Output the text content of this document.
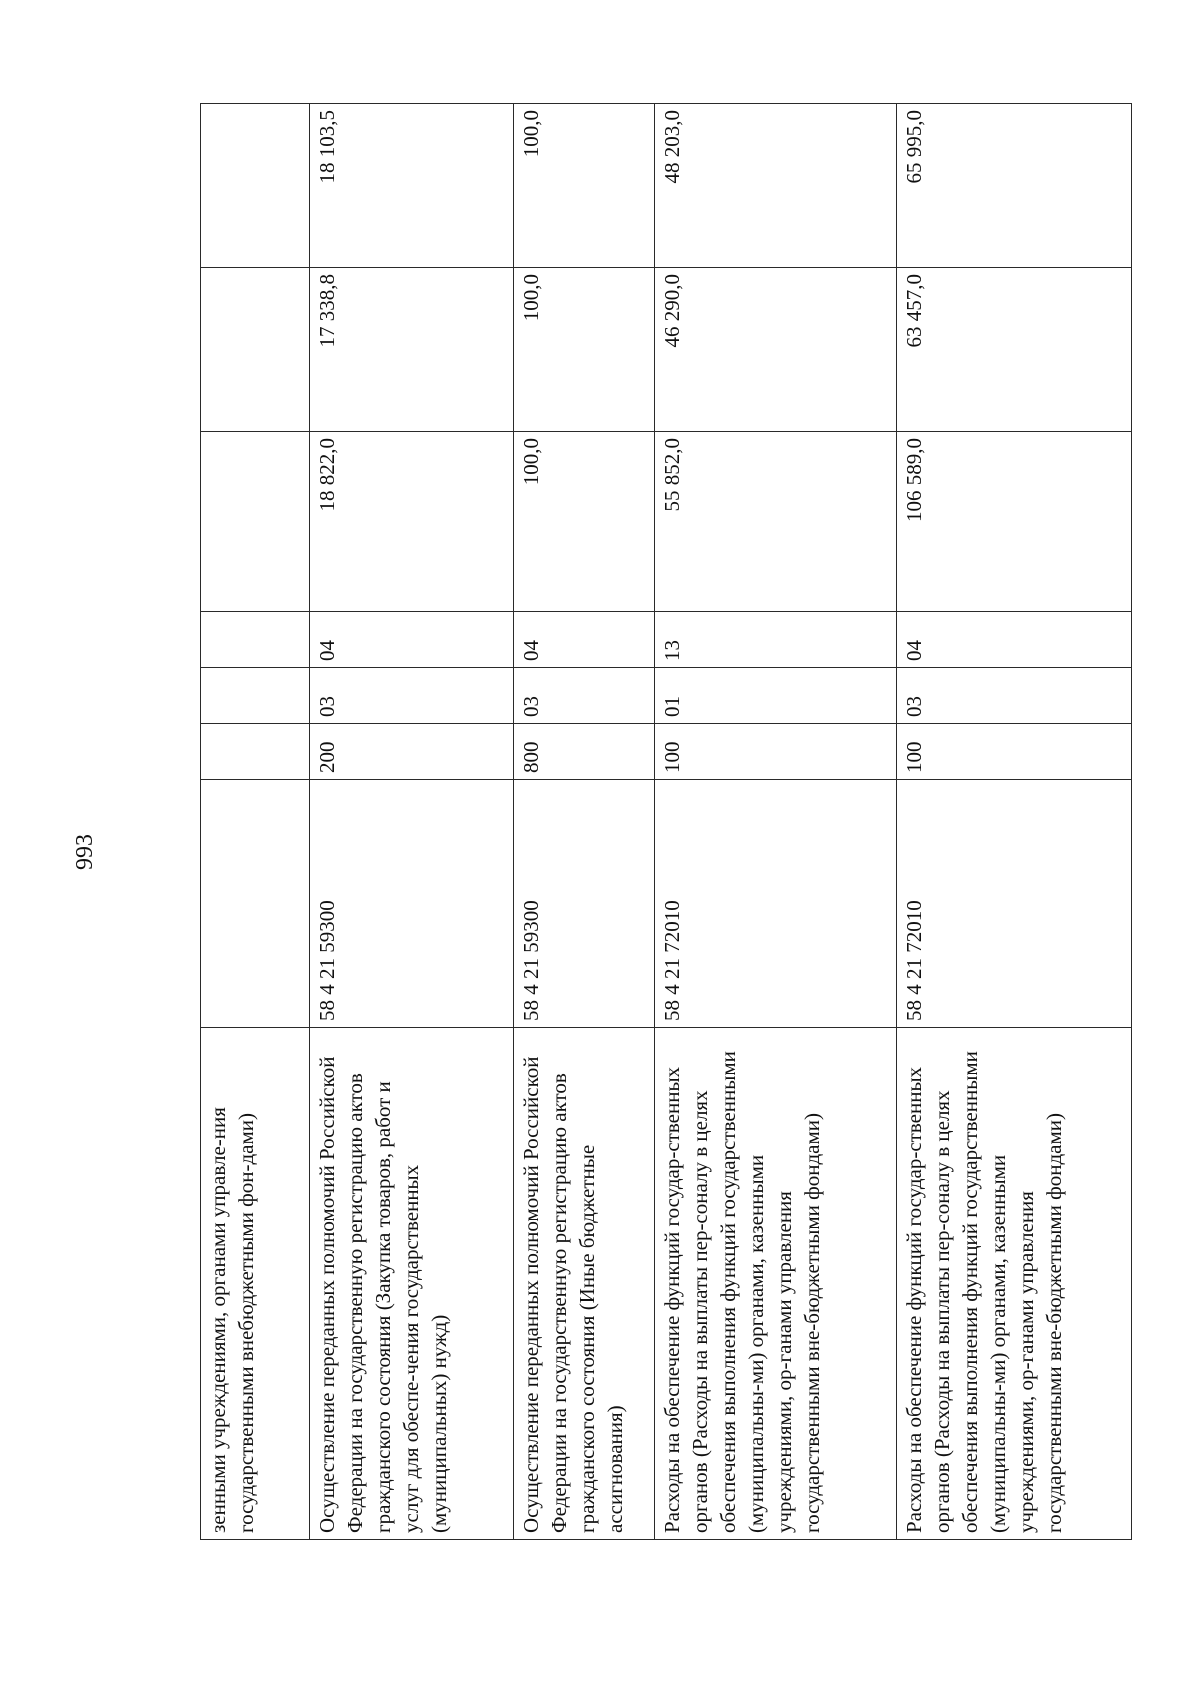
993
зенными учреждениями, органами управле-ния государственными внебюджетными фон-дами)							
Осуществление переданных полномочий Российской Федерации на государственную регистрацию актов гражданского состояния (Закупка товаров, работ и услуг для обеспе-чения государственных (муниципальных) нужд)	58 4 21 59300	200	03	04	18 822,0	17 338,8	18 103,5
Осуществление переданных полномочий Российской Федерации на государственную регистрацию актов гражданского состояния (Иные бюджетные ассигнования)	58 4 21 59300	800	03	04	100,0	100,0	100,0
Расходы на обеспечение функций государ-ственных органов (Расходы на выплаты пер-соналу в целях обеспечения выполнения функций государственными (муниципальны-ми) органами, казенными учреждениями, ор-ганами управления государственными вне-бюджетными фондами)	58 4 21 72010	100	01	13	55 852,0	46 290,0	48 203,0
Расходы на обеспечение функций государ-ственных органов (Расходы на выплаты пер-соналу в целях обеспечения выполнения функций государственными (муниципальны-ми) органами, казенными учреждениями, ор-ганами управления государственными вне-бюджетными фондами)	58 4 21 72010	100	03	04	106 589,0	63 457,0	65 995,0
